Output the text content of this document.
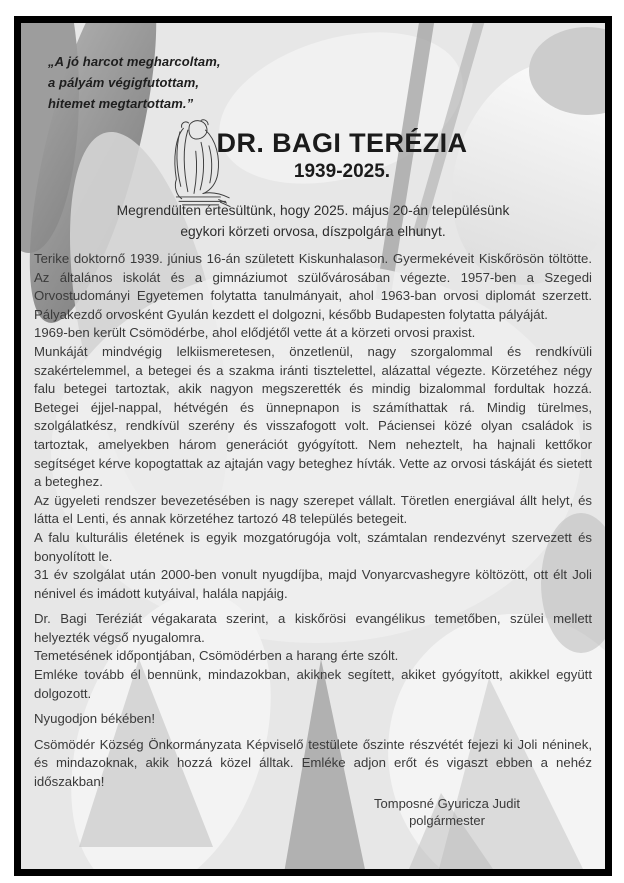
„A jó harcot megharcoltam,
a pályám végigfutottam,
hitemet megtartottam.”
DR. BAGI TERÉZIA
1939-2025.
Megrendülten értesültünk, hogy 2025. május 20-án településünk egykori körzeti orvosa, díszpolgára elhunyt.

Terike doktornő 1939. június 16-án született Kiskunhalason. Gyermekéveit Kiskőrösön töltötte. Az általános iskolát és a gimnáziumot szülővárosában végezte. 1957-ben a Szegedi Orvostudományi Egyetemen folytatta tanulmányait, ahol 1963-ban orvosi diplomát szerzett. Pályakezdő orvosként Gyulán kezdett el dolgozni, később Budapesten folytatta pályáját.

1969-ben került Csömödérbe, ahol elődjétől vette át a körzeti orvosi praxist.

Munkáját mindvégig lelkiismeretesen, önzetlenül, nagy szorgalommal és rendkívüli szakértelemmel, a betegei és a szakma iránti tisztelettel, alázattal végezte. Körzetéhez négy falu betegei tartoztak, akik nagyon megszerették és mindig bizalommal fordultak hozzá. Betegei éjjel-nappal, hétvégén és ünnepnapon is számíthattak rá. Mindig türelmes, szolgálatkész, rendkívül szerény és visszafogott volt. Páciensei közé olyan családok is tartoztak, amelyekben három generációt gyógyított. Nem neheztelt, ha hajnali kettőkor segítséget kérve kopogtattak az ajtaján vagy beteghez hívták. Vette az orvosi táskáját és sietett a beteghez.

Az ügyeleti rendszer bevezetésében is nagy szerepet vállalt. Töretlen energiával állt helyt, és látta el Lenti, és annak körzetéhez tartozó 48 település betegeit.

A falu kulturális életének is egyik mozgatórugója volt, számtalan rendezvényt szervezett és bonyolított le.

31 év szolgálat után 2000-ben vonult nyugdíjba, majd Vonyarcvashegyre költözött, ott élt Joli nénivel és imádott kutyáival, halála napjáig.

Dr. Bagi Teréziát végakarata szerint, a kiskőrösi evangélikus temetőben, szülei mellett helyezték végső nyugalomra.

Temetésének időpontjában, Csömödérben a harang érte szólt.

Emléke tovább él bennünk, mindazokban, akiknek segített, akiket gyógyított, akikkel együtt dolgozott.

Nyugodjon békében!

Csömödér Község Önkormányzata Képviselő testülete őszinte részvétét fejezi ki Joli néninek, és mindazoknak, akik hozzá közel álltak. Emléke adjon erőt és vigaszt ebben a nehéz időszakban!

Tomposné Gyuricza Judit
polgármester
